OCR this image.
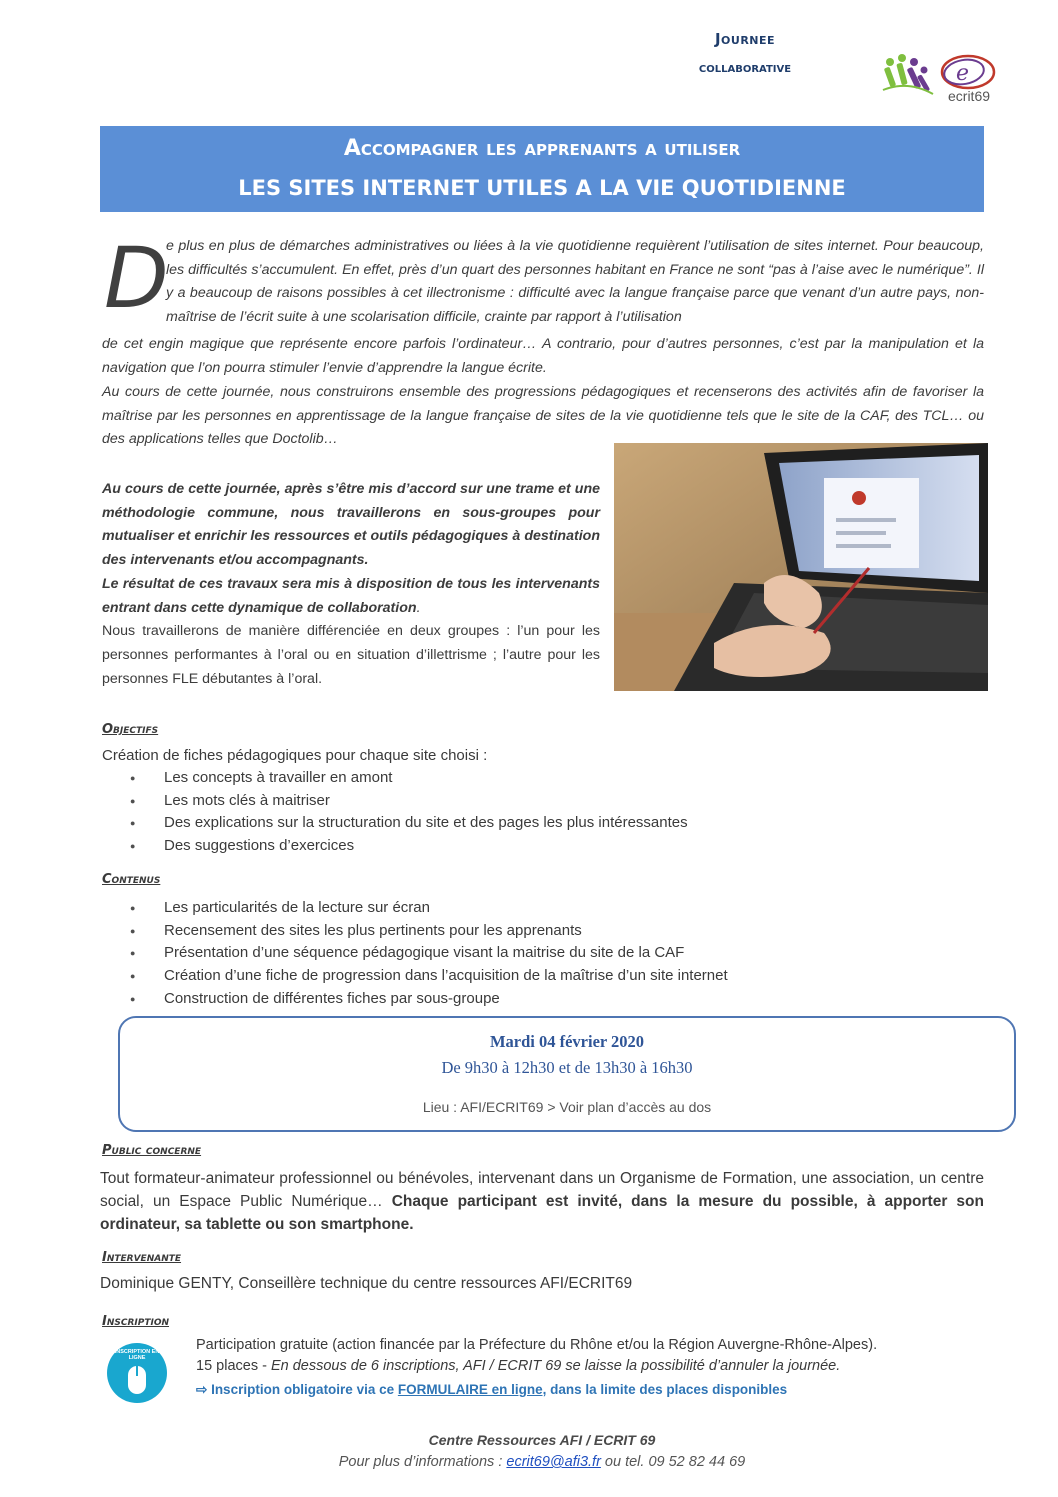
Journee
collaborative	e
ecrit69
Accompagner les apprenants a utiliser
LES SITES INTERNET UTILES A LA VIE QUOTIDIENNE
D
e plus en plus de démarches administratives ou liées à la vie quotidienne requièrent l’utilisation de sites internet. Pour beaucoup, les difficultés s’accumulent. En effet, près d’un quart des personnes habitant en France ne sont “pas à l’aise avec le numérique”. Il y a beaucoup de raisons possibles à cet illectronisme : difficulté avec la langue française parce que venant d’un autre pays, non-maîtrise de l’écrit suite à une scolarisation difficile, crainte par rapport à l’utilisation
de cet engin magique que représente encore parfois l’ordinateur… A contrario, pour d’autres personnes, c’est par la manipulation et la navigation que l’on pourra stimuler l’envie d’apprendre la langue écrite.
Au cours de cette journée, nous construirons ensemble des progressions pédagogiques et recenserons des activités afin de favoriser la maîtrise par les personnes en apprentissage de la langue française de sites de la vie quotidienne tels que le site de la CAF, des TCL… ou des applications telles que Doctolib…
Au cours de cette journée, après s’être mis d’accord sur une trame et une méthodologie commune, nous travaillerons en sous-groupes pour mutualiser et enrichir les ressources et outils pédagogiques à destination des intervenants et/ou accompagnants.
Le résultat de ces travaux sera mis à disposition de tous les intervenants entrant dans cette dynamique de collaboration.
Nous travaillerons de manière différenciée en deux groupes : l’un pour les personnes performantes à l’oral ou en situation d’illettrisme ; l’autre pour les personnes FLE débutantes à l’oral.
Objectifs
Création de fiches pédagogiques pour chaque site choisi :
● Les concepts à travailler en amont
● Les mots clés à maitriser
● Des explications sur la structuration du site et des pages les plus intéressantes
● Des suggestions d’exercices
Contenus
● Les particularités de la lecture sur écran
● Recensement des sites les plus pertinents pour les apprenants
● Présentation d’une séquence pédagogique visant la maitrise du site de la CAF
● Création d’une fiche de progression dans l’acquisition de la maîtrise d’un site internet
● Construction de différentes fiches par sous-groupe
Mardi 04 février 2020
De 9h30 à 12h30 et de 13h30 à 16h30
Lieu : AFI/ECRIT69 > Voir plan d’accès au dos
Public concerne
Tout formateur-animateur professionnel ou bénévoles, intervenant dans un Organisme de Formation, une association, un centre social, un Espace Public Numérique… Chaque participant est invité, dans la mesure du possible, à apporter son ordinateur, sa tablette ou son smartphone.
Intervenante
Dominique GENTY, Conseillère technique du centre ressources AFI/ECRIT69
Inscription
INSCRIPTION EN LIGNE
Participation gratuite (action financée par la Préfecture du Rhône et/ou la Région Auvergne-Rhône-Alpes).
15 places - En dessous de 6 inscriptions, AFI / ECRIT 69 se laisse la possibilité d’annuler la journée.
⇨ Inscription obligatoire via ce FORMULAIRE en ligne, dans la limite des places disponibles
Centre Ressources AFI / ECRIT 69
Pour plus d’informations : ecrit69@afi3.fr ou tel. 09 52 82 44 69
